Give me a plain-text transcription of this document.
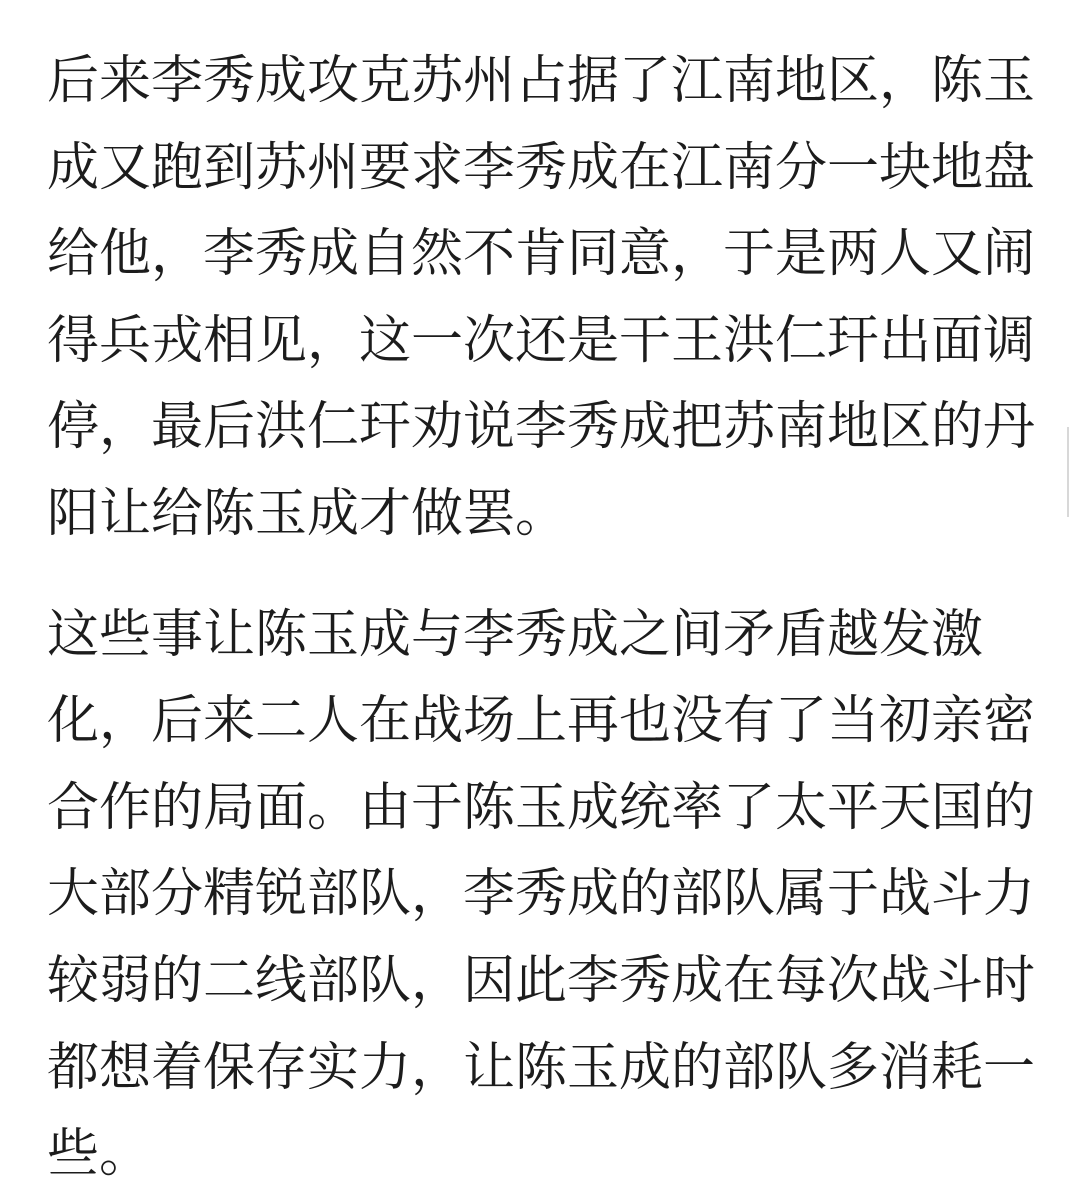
后来李秀成攻克苏州占据了江南地区，陈玉
成又跑到苏州要求李秀成在江南分一块地盘
给他，李秀成自然不肯同意，于是两人又闹
得兵戎相见，这一次还是干王洪仁玕出面调
停，最后洪仁玕劝说李秀成把苏南地区的丹
阳让给陈玉成才做罢。
这些事让陈玉成与李秀成之间矛盾越发激
化，后来二人在战场上再也没有了当初亲密
合作的局面。由于陈玉成统率了太平天国的
大部分精锐部队，李秀成的部队属于战斗力
较弱的二线部队，因此李秀成在每次战斗时
都想着保存实力，让陈玉成的部队多消耗一
些。
